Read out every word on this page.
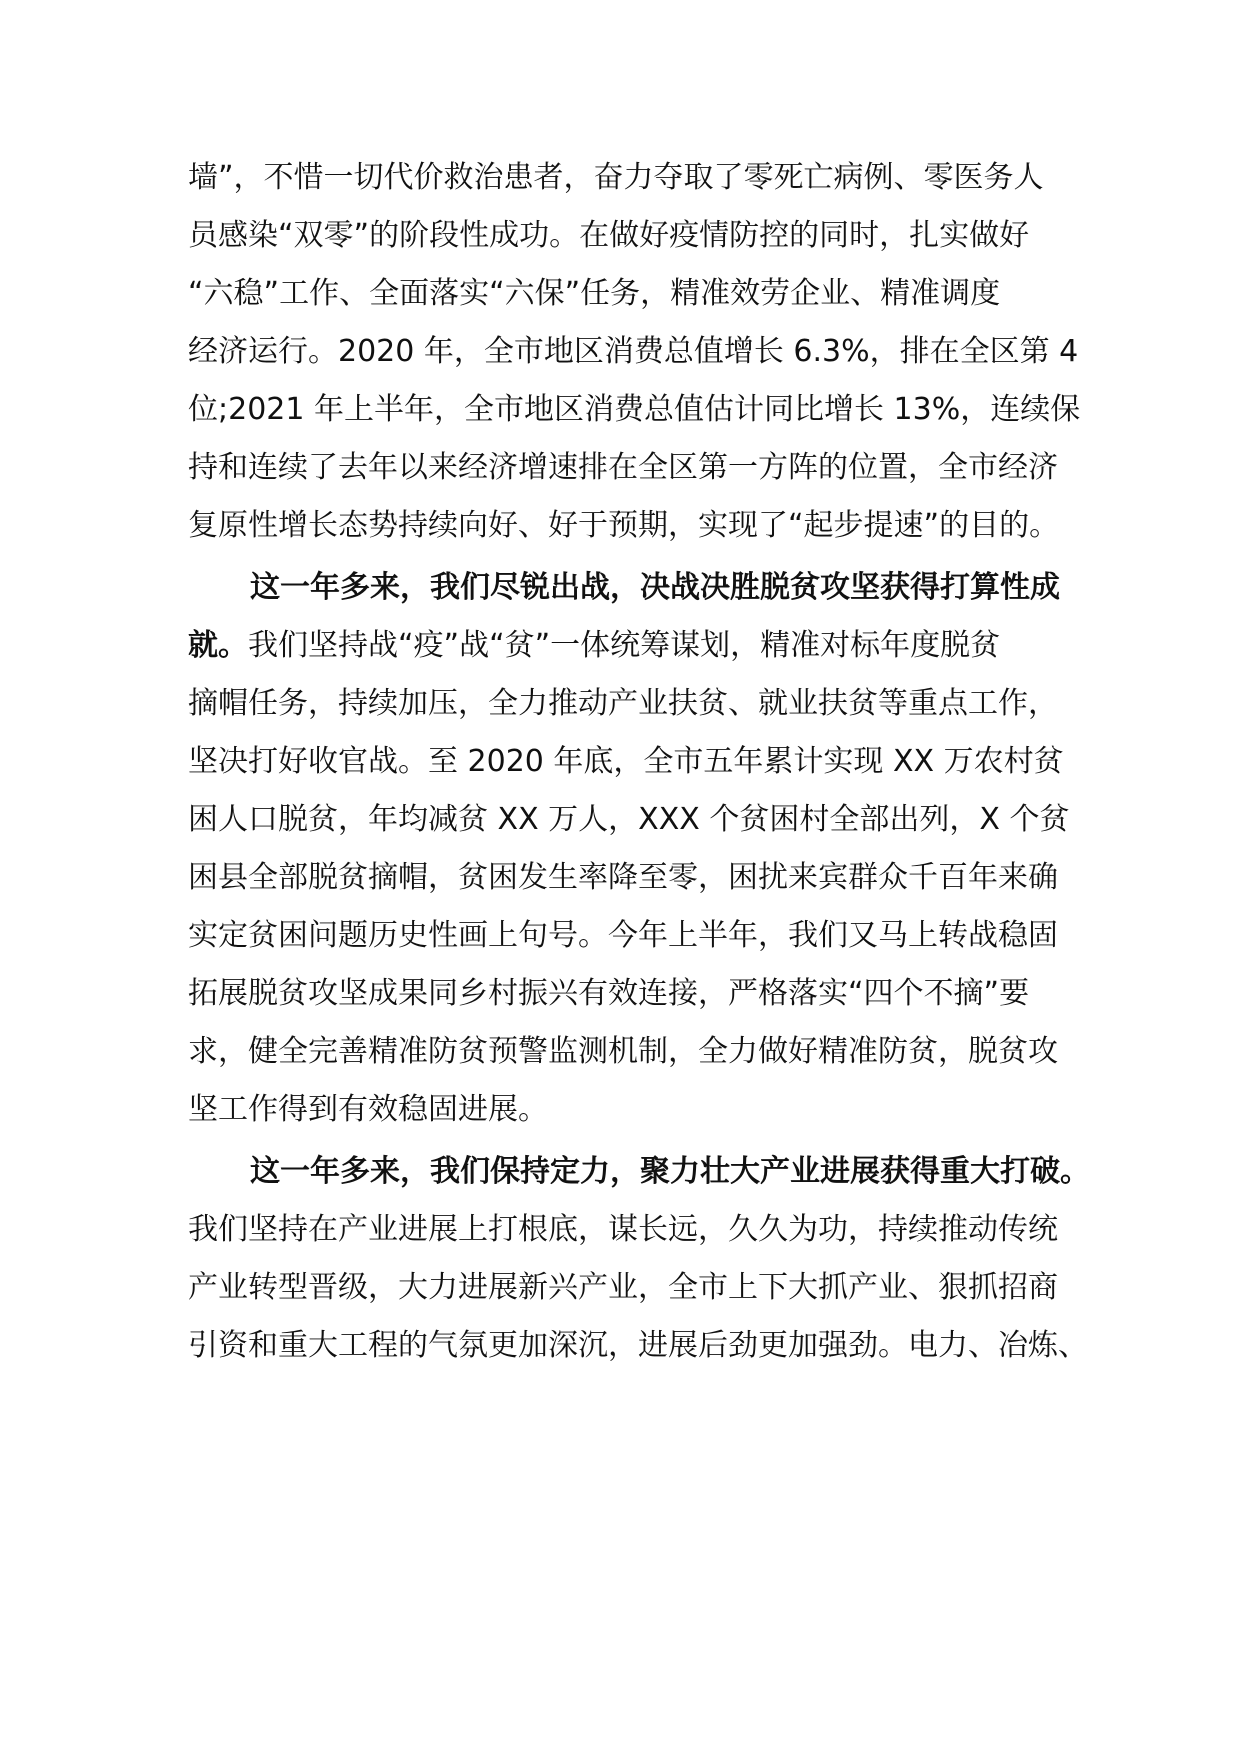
墙”，不惜一切代价救治患者，奋力夺取了零死亡病例、零医务人
员感染“双零”的阶段性成功。在做好疫情防控的同时，扎实做好
“六稳”工作、全面落实“六保”任务，精准效劳企业、精准调度
经济运行。2020 年，全市地区消费总值增长 6.3%，排在全区第 4
位;2021 年上半年，全市地区消费总值估计同比增长 13%，连续保
持和连续了去年以来经济增速排在全区第一方阵的位置，全市经济
复原性增长态势持续向好、好于预期，实现了“起步提速”的目的。
这一年多来，我们尽锐出战，决战决胜脱贫攻坚获得打算性成
就。我们坚持战“疫”战“贫”一体统筹谋划，精准对标年度脱贫
摘帽任务，持续加压，全力推动产业扶贫、就业扶贫等重点工作，
坚决打好收官战。至 2020 年底，全市五年累计实现 XX 万农村贫
困人口脱贫，年均减贫 XX 万人，XXX 个贫困村全部出列，X 个贫
困县全部脱贫摘帽，贫困发生率降至零，困扰来宾群众千百年来确
实定贫困问题历史性画上句号。今年上半年，我们又马上转战稳固
拓展脱贫攻坚成果同乡村振兴有效连接，严格落实“四个不摘”要
求，健全完善精准防贫预警监测机制，全力做好精准防贫，脱贫攻
坚工作得到有效稳固进展。
这一年多来，我们保持定力，聚力壮大产业进展获得重大打破。
我们坚持在产业进展上打根底，谋长远，久久为功，持续推动传统
产业转型晋级，大力进展新兴产业，全市上下大抓产业、狠抓招商
引资和重大工程的气氛更加深沉，进展后劲更加强劲。电力、冶炼、
